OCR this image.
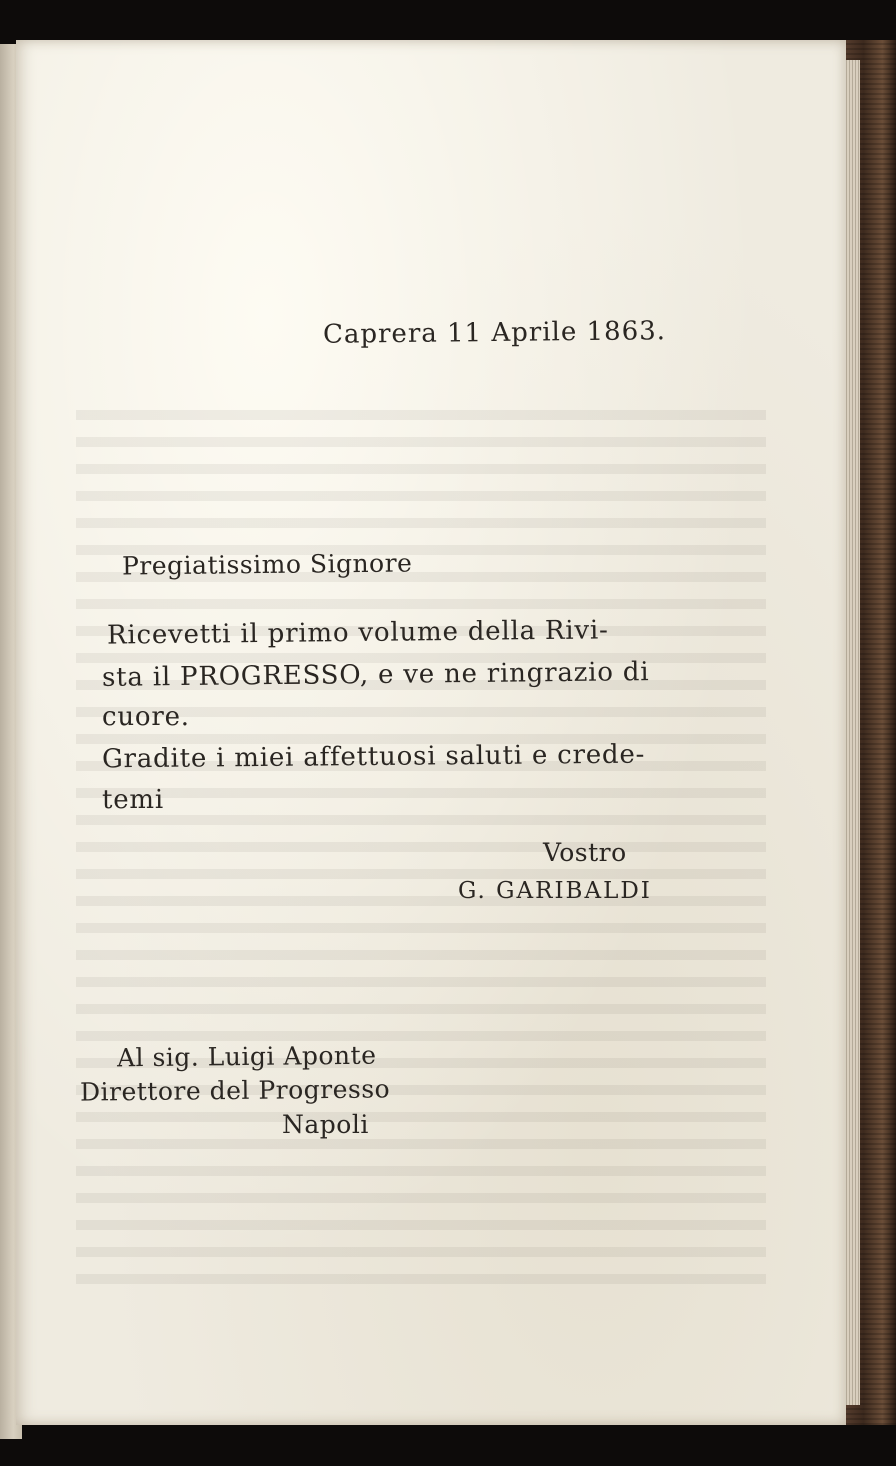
Caprera 11 Aprile 1863.
Pregiatissimo Signore
Ricevetti il primo volume della Rivi-
sta il PROGRESSO, e ve ne ringrazio di
cuore.
Gradite i miei affettuosi saluti e crede-
temi
Vostro
G. GARIBALDI
Al sig. Luigi Aponte
Direttore del Progresso
Napoli
